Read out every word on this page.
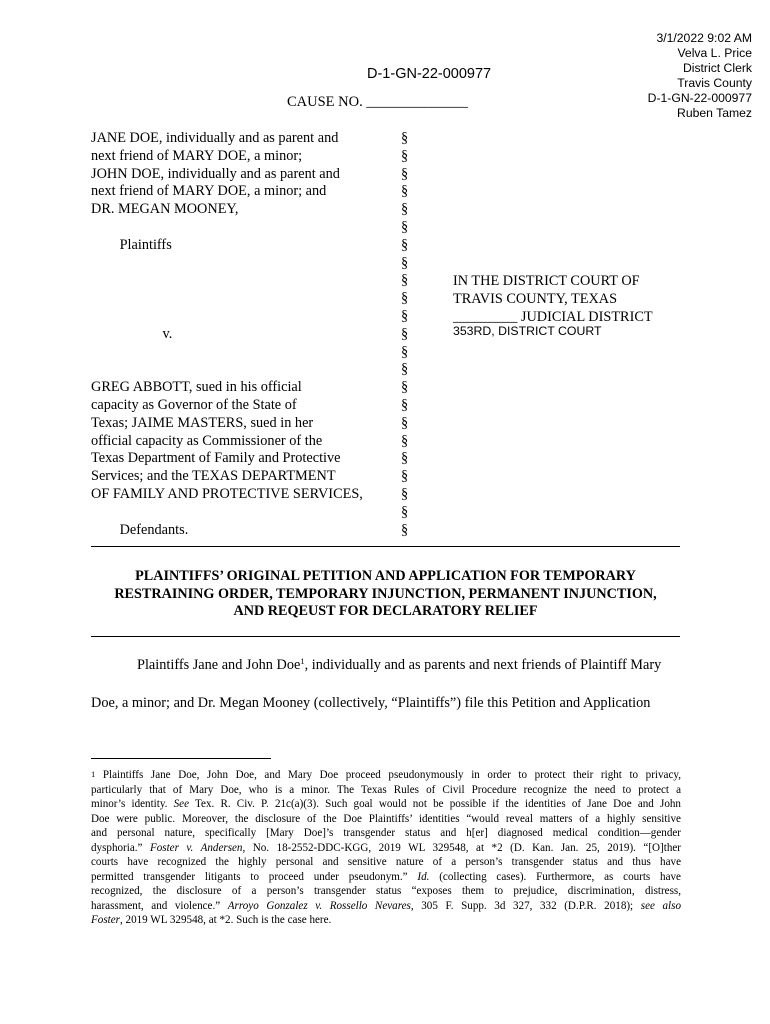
3/1/2022 9:02 AM
Velva L. Price
District Clerk
Travis County
D-1-GN-22-000977
Ruben Tamez
D-1-GN-22-000977
CAUSE NO. ______________
JANE DOE, individually and as parent and
next friend of MARY DOE, a minor;
JOHN DOE, individually and as parent and
next friend of MARY DOE, a minor; and
DR. MEGAN MOONEY,

Plaintiffs

v.

GREG ABBOTT, sued in his official
capacity as Governor of the State of
Texas; JAIME MASTERS, sued in her
official capacity as Commissioner of the
Texas Department of Family and Protective
Services; and the TEXAS DEPARTMENT
OF FAMILY AND PROTECTIVE SERVICES,

Defendants.
§
§
§
§
§
§
§
§
§
§
§
§
§
§
§
§
§
§
§
§
§
§
§
IN THE DISTRICT COURT OF
TRAVIS COUNTY, TEXAS
_________ JUDICIAL DISTRICT
353RD, DISTRICT COURT
PLAINTIFFS’ ORIGINAL PETITION AND APPLICATION FOR TEMPORARY
RESTRAINING ORDER, TEMPORARY INJUNCTION, PERMANENT INJUNCTION,
AND REQEUST FOR DECLARATORY RELIEF
Plaintiffs Jane and John Doe$^1$, individually and as parents and next friends of Plaintiff Mary
Doe, a minor; and Dr. Megan Mooney (collectively, “Plaintiffs”) file this Petition and Application
$^1$ Plaintiffs Jane Doe, John Doe, and Mary Doe proceed pseudonymously in order to protect their right to privacy,
particularly that of Mary Doe, who is a minor. The Texas Rules of Civil Procedure recognize the need to protect a
minor’s identity. See Tex. R. Civ. P. 21c(a)(3). Such goal would not be possible if the identities of Jane Doe and John
Doe were public. Moreover, the disclosure of the Doe Plaintiffs’ identities “would reveal matters of a highly sensitive
and personal nature, specifically [Mary Doe]’s transgender status and h[er] diagnosed medical condition—gender
dysphoria.” Foster v. Andersen, No. 18-2552-DDC-KGG, 2019 WL 329548, at *2 (D. Kan. Jan. 25, 2019). “[O]ther
courts have recognized the highly personal and sensitive nature of a person’s transgender status and thus have
permitted transgender litigants to proceed under pseudonym.” Id. (collecting cases). Furthermore, as courts have
recognized, the disclosure of a person’s transgender status “exposes them to prejudice, discrimination, distress,
harassment, and violence.” Arroyo Gonzalez v. Rossello Nevares, 305 F. Supp. 3d 327, 332 (D.P.R. 2018); see also
Foster, 2019 WL 329548, at *2. Such is the case here.
